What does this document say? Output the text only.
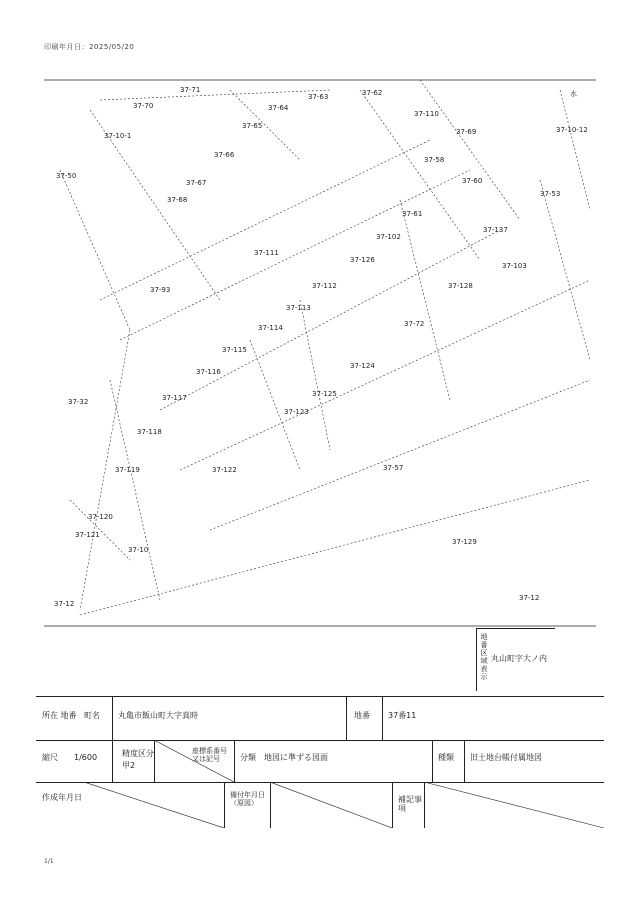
印刷年月日：2025/05/20
37-71
37-70
37-62
37-63
37-64
37-65
37-66
37-67
37-68
37-69
37-110
37-58
37-60
37-61
37-137
37-103
37-102
37-111
37-112
37-113
37-114
37-115
37-116
37-117
37-118
37-119
37-120
37-121
37-122
37-123
37-124
37-125
37-126
37-128
37-129
37-72
37-57
37-32
37-12
37-10
37-50
37-93
37-10-1
37-12
37-10-12
水
37-53
地番区域表示 丸山町字大ノ内
所在 地番 町名 丸亀市飯山町大字真時	地番 37番11
縮尺 1/600	精度区分
甲2
座標系番号 又は記号	分類 地図に準ずる図面	種類 旧土地台帳付属地図
作成年月日	備付年月日（原図）	補記事項
1/1
